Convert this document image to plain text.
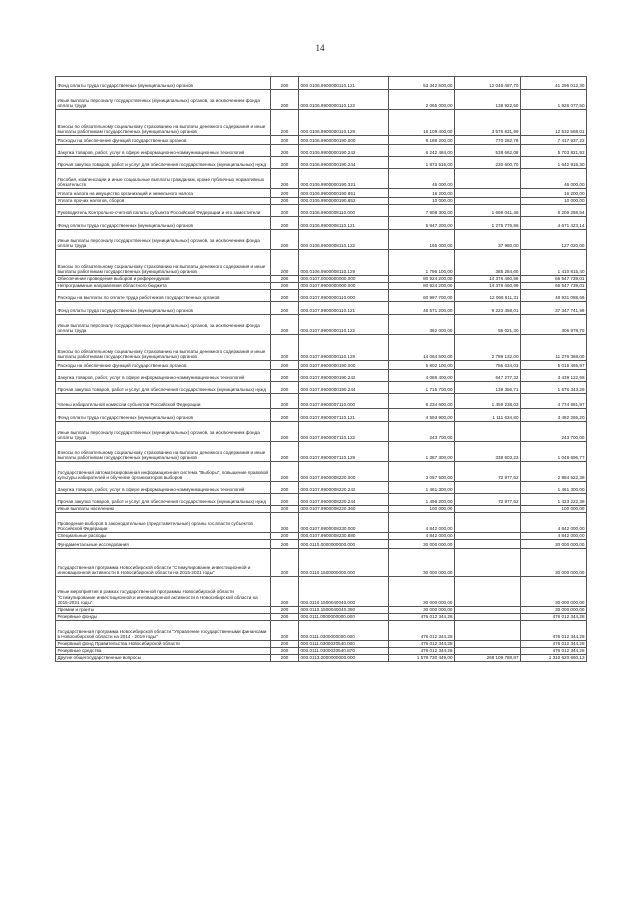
14
Фонд оплаты труда государственных (муниципальных) органов	200	000.0106.9900000110.121	53 342 500,00	12 046 487,70	41 296 012,30
Иные выплаты персоналу государственных (муниципальных) органов, за исключением фонда оплаты труда	200	000.0106.9900000110.122	2 065 000,00	138 922,50	1 926 077,50
Взносы по обязательному социальному страхованию на выплаты денежного содержания и иные выплаты работникам государственных (муниципальных) органов	200	000.0106.9900000110.129	16 109 400,00	3 576 831,99	12 532 568,01
Расходы на обеспечение функций государственных органов	200	000.0106.9900000190.000	8 188 200,00	770 262,78	7 417 937,22
Закупка товаров, работ, услуг в сфере информационно-коммуникационных технологий	200	000.0106.9900000190.242	6 242 484,00	538 662,08	5 703 821,92
Прочая закупка товаров, работ и услуг для обеспечения государственных (муниципальных) нужд	200	000.0106.9900000190.244	1 873 516,00	230 600,70	1 642 915,30
Пособия, компенсации и иные социальные выплаты гражданам, кроме публичных нормативных обязательств	200	000.0106.9900000190.321	46 000,00		46 000,00
Уплата налога на имущество организаций и земельного налога	200	000.0106.9900000190.851	16 200,00		16 200,00
Уплата прочих налогов, сборов	200	000.0106.9900000190.852	10 000,00		10 000,00
Руководитель Контрольно-счетной палаты субъекта Российской Федерации и его заместители	200	000.0106.9900008110.000	7 908 300,00	1 699 041,46	6 209 258,54
Фонд оплаты труда государственных (муниципальных) органов	200	000.0106.9900008110.121	5 947 200,00	1 275 776,86	4 671 423,14
Иные выплаты персоналу государственных (муниципальных) органов, за исключением фонда оплаты труда	200	000.0106.9900008110.122	165 000,00	37 980,00	127 020,00
Взносы по обязательному социальному страхованию на выплаты денежного содержания и иные выплаты работникам государственных (муниципальных) органов	200	000.0106.9900008110.129	1 796 100,00	385 284,60	1 410 815,40
Обеспечение проведения выборов и референдумов	200	000.0107.0000000000.000	80 924 200,00	14 376 460,99	66 547 739,01
Непрограммные направления областного бюджета	200	000.0107.9900000000.000	80 924 200,00	14 376 460,99	66 547 739,01
Расходы на выплаты по оплате труда работников государственных органов	200	000.0107.9900000110.000	60 997 700,00	12 066 611,31	48 931 088,69
Фонд оплаты труда государственных (муниципальных) органов	200	000.0107.9900000110.121	46 571 200,00	9 223 458,01	37 347 741,99
Иные выплаты персоналу государственных (муниципальных) органов, за исключением фонда оплаты труда	200	000.0107.9900000110.122	362 000,00	55 021,30	306 978,70
Взносы по обязательному социальному страхованию на выплаты денежного содержания и иные выплаты работникам государственных (муниципальных) органов	200	000.0107.9900000110.129	14 064 500,00	2 788 132,00	11 276 368,00
Расходы на обеспечение функций государственных органов	200	000.0107.9900000190.000	5 802 100,00	786 634,03	5 015 465,97
Закупка товаров, работ, услуг в сфере информационно-коммуникационных технологий	200	000.0107.9900000190.242	4 086 400,00	647 277,32	3 439 122,68
Прочая закупка товаров, работ и услуг для обеспечения государственных (муниципальных) нужд	200	000.0107.9900000190.244	1 715 700,00	139 356,71	1 576 343,29
Члены избирательной комиссии субъектов Российской Федерации	200	000.0107.9900007110.000	6 234 600,00	1 459 238,03	4 774 681,97
Фонд оплаты труда государственных (муниципальных) органов	200	000.0107.9900007110.121	4 593 900,00	1 111 634,80	3 482 265,20
Иные выплаты персоналу государственных (муниципальных) органов, за исключением фонда оплаты труда	200	000.0107.9900007110.122	243 700,00		243 700,00
Взносы по обязательному социальному страхованию на выплаты денежного содержания и иные выплаты работникам государственных (муниципальных) органов	200	000.0107.9900007110.129	1 387 300,00	338 603,23	1 048 696,77
Государственная автоматизированная информационная система "Выборы", повышение правовой культуры избирателей и обучение организаторов выборов	200	000.0107.9900008220.000	3 057 500,00	72 977,62	2 984 522,38
Закупка товаров, работ, услуг в сфере информационно-коммуникационных технологий	200	000.0107.9900008220.242	1 461 300,00		1 461 300,00
Прочая закупка товаров, работ и услуг для обеспечения государственных (муниципальных) нужд	200	000.0107.9900008220.244	1 496 200,00	72 977,62	1 423 222,38
Иные выплаты населению	200	000.0107.9900008220.360	100 000,00		100 000,00
Проведение выборов в законодательные (представительные) органы гос.власти субъектов Российской Федерации	200	000.0107.9900008230.000	4 842 000,00		4 842 000,00
Специальные расходы	200	000.0107.9900008230.880	4 842 000,00		4 842 000,00
Фундаментальные исследования	200	000.0110.0000000000.000	30 000 000,00		30 000 000,00
Государственная программа Новосибирской области "Стимулирование инвестиционной и инновационной активности в Новосибирской области на 2015-2021 годы"	200	000.0110.1500000000.000	30 000 000,00		30 000 000,00
Иные мероприятия в рамках государственной программы Новосибирской области "Стимулирование инвестиционной и инновационной активности в Новосибирской области на 2015-2021 годы"	200	000.0110.1500040040.000	30 000 000,00		30 000 000,00
Премии и гранты	200	000.0110.1500040040.350	30 000 000,00		30 000 000,00
Резервные фонды	200	000.0111.0000000000.000	476 012 344,28		476 012 344,28
Государственная программа Новосибирской области "Управление государственными финансами в Новосибирской области на 2014 - 2019 годы"	200	000.0111.0300000000.000	476 012 344,28		476 012 344,28
Резервный фонд Правительства Новосибирской области	200	000.0111.0300020540.000	476 012 344,28		476 012 344,28
Резервные средства	200	000.0111.0300020540.870	476 012 344,28		476 012 344,28
Другие общегосударственные вопросы	200	000.0113.0000000000.000	1 578 730 449,00	268 109 788,87	1 310 620 660,13
